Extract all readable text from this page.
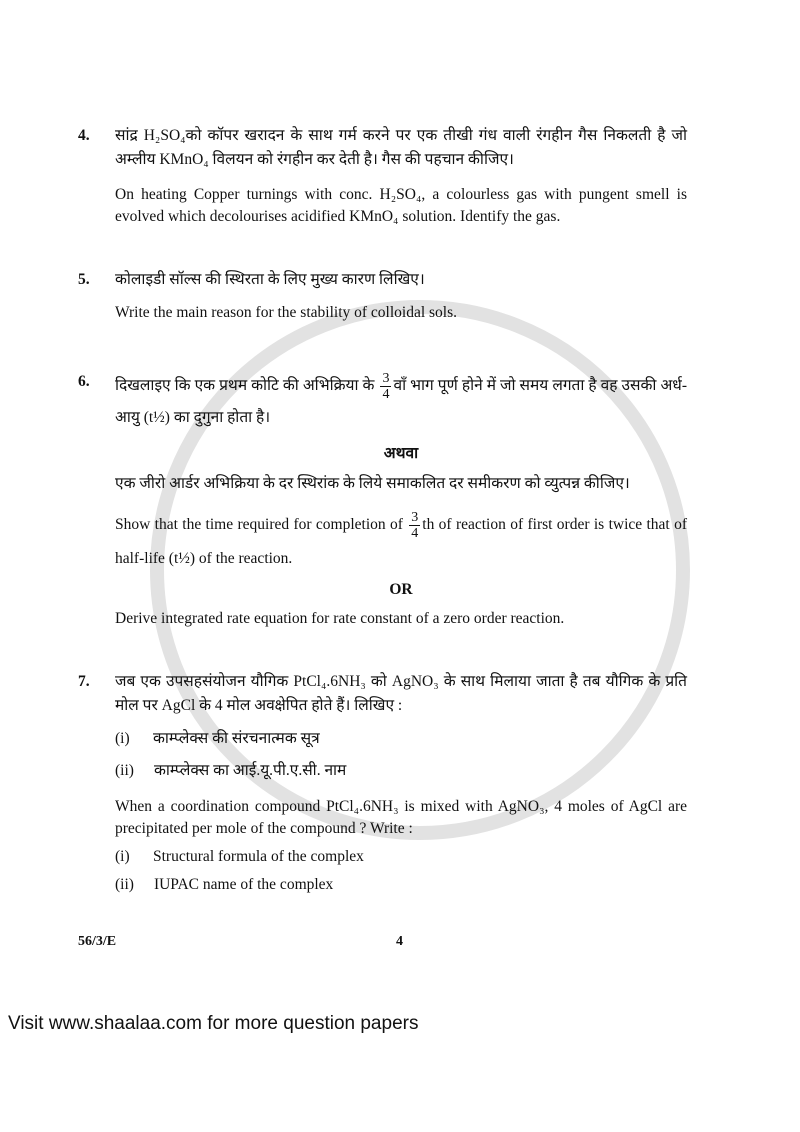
4.	सांद्र H₂SO₄को कॉपर खरादन के साथ गर्म करने पर एक तीखी गंध वाली रंगहीन गैस निकलती है जो अम्लीय KMnO₄ विलयन को रंगहीन कर देती है। गैस की पहचान कीजिए।

On heating Copper turnings with conc. H₂SO₄, a colourless gas with pungent smell is evolved which decolourises acidified KMnO₄ solution. Identify the gas.

5.	कोलाइडी सॉल्स की स्थिरता के लिए मुख्य कारण लिखिए।

Write the main reason for the stability of colloidal sols.

6.	दिखलाइए कि एक प्रथम कोटि की अभिक्रिया के $\frac{3}{4}$ वाँ भाग पूर्ण होने में जो समय लगता है वह उसकी अर्ध-आयु (t½) का दुगुना होता है।

अथवा

एक जीरो आर्डर अभिक्रिया के दर स्थिरांक के लिये समाकलित दर समीकरण को व्युत्पन्न कीजिए।

Show that the time required for completion of $\frac{3}{4}$ th of reaction of first order is twice that of half-life (t½) of the reaction.

OR

Derive integrated rate equation for rate constant of a zero order reaction.

7.	जब एक उपसहसंयोजन यौगिक PtCl₄.6NH₃ को AgNO₃ के साथ मिलाया जाता है तब यौगिक के प्रति मोल पर AgCl के 4 मोल अवक्षेपित होते हैं। लिखिए :

(i) काम्प्लेक्स की संरचनात्मक सूत्र
(ii) काम्प्लेक्स का आई.यू.पी.ए.सी. नाम

When a coordination compound PtCl₄.6NH₃ is mixed with AgNO₃, 4 moles of AgCl are precipitated per mole of the compound ? Write :

(i) Structural formula of the complex
(ii) IUPAC name of the complex
56/3/E	4
Visit www.shaalaa.com for more question papers
